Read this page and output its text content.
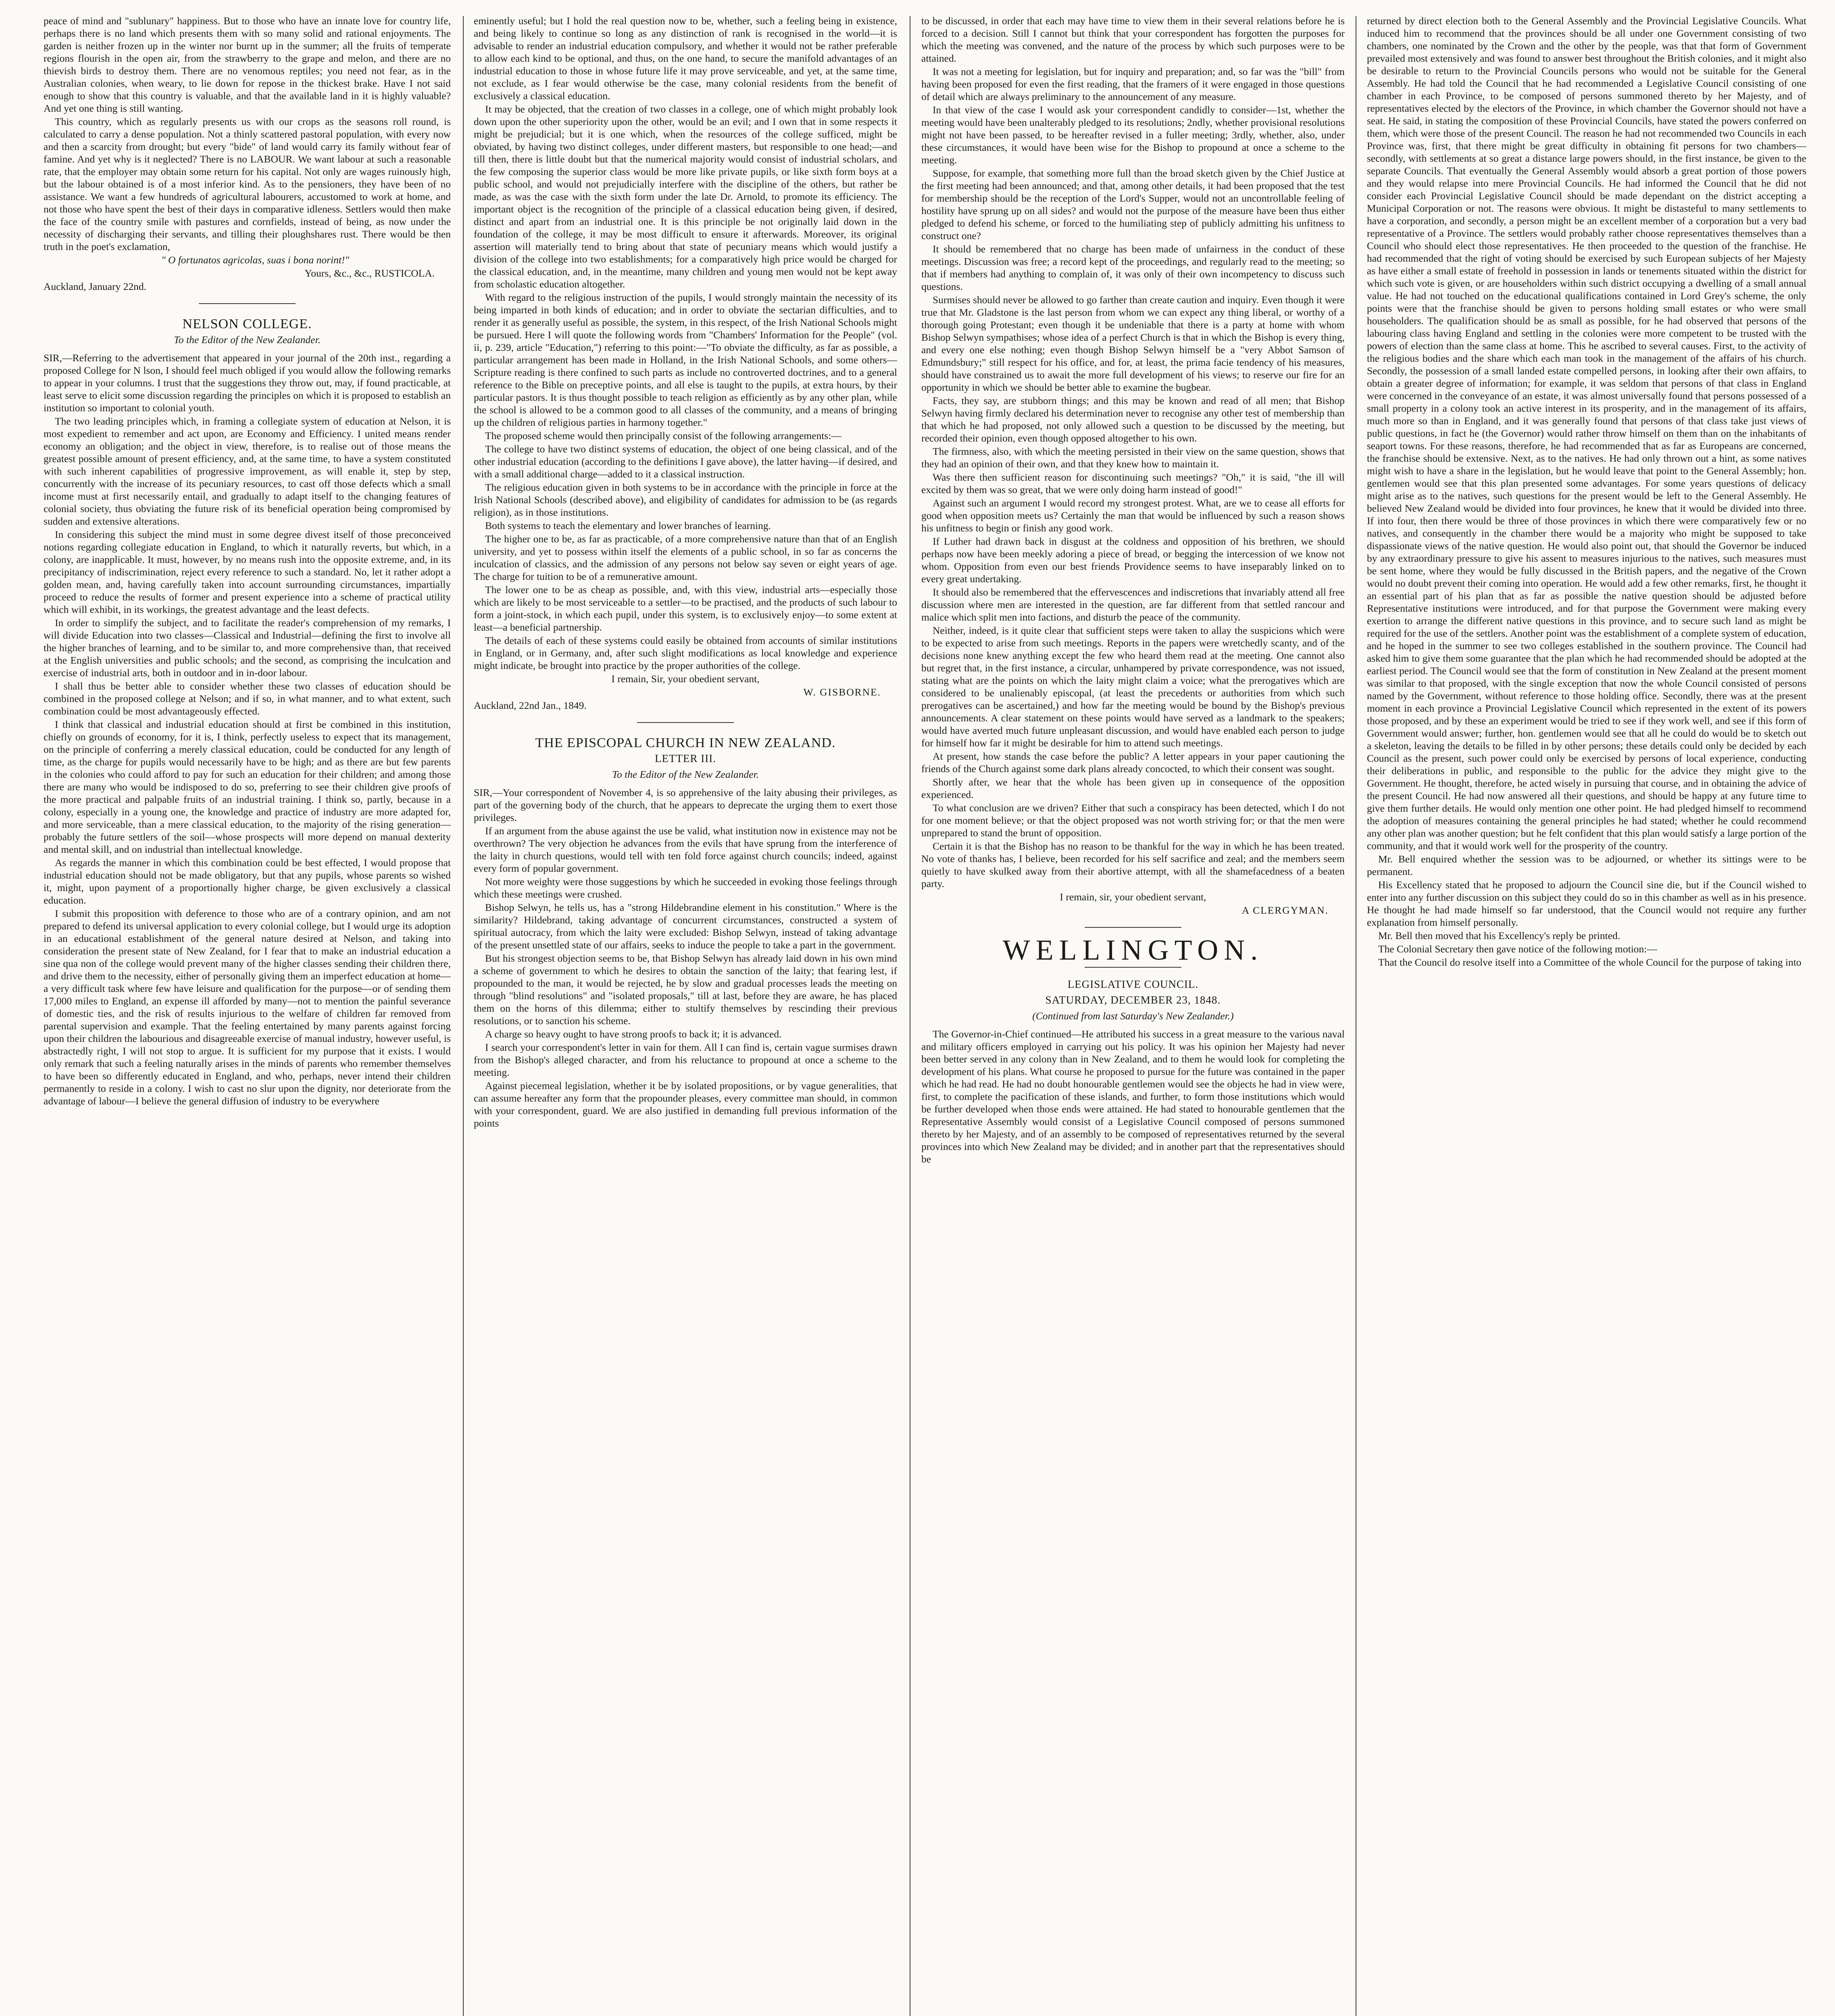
peace of mind and "sublunary" happiness. But to those who have an innate love for country life, perhaps there is no land which presents them with so many solid and rational enjoyments. The garden is neither frozen up in the winter nor burnt up in the summer; all the fruits of temperate regions flourish in the open air, from the strawberry to the grape and melon, and there are no thievish birds to destroy them. There are no venomous reptiles; you need not fear, as in the Australian colonies, when weary, to lie down for repose in the thickest brake. Have I not said enough to show that this country is valuable, and that the available land in it is highly valuable? And yet one thing is still wanting.

This country, which as regularly presents us with our crops as the seasons roll round, is calculated to carry a dense population. Not a thinly scattered pastoral population, with every now and then a scarcity from drought; but every "bide" of land would carry its family without fear of famine. And yet why is it neglected? There is no LABOUR. We want labour at such a reasonable rate, that the employer may obtain some return for his capital. Not only are wages ruinously high, but the labour obtained is of a most inferior kind. As to the pensioners, they have been of no assistance. We want a few hundreds of agricultural labourers, accustomed to work at home, and not those who have spent the best of their days in comparative idleness. Settlers would then make the face of the country smile with pastures and cornfields, instead of being, as now under the necessity of discharging their servants, and tilling their ploughshares rust. There would be then truth in the poet's exclamation,

" O fortunatos agricolas, suas i bona norint!"

Yours, &c., &c., RUSTICOLA.

Auckland, January 22nd.

NELSON COLLEGE.
To the Editor of the New Zealander.

SIR,—Referring to the advertisement that appeared in your journal of the 20th inst., regarding a proposed College for N lson, I should feel much obliged if you would allow the following remarks to appear in your columns. I trust that the suggestions they throw out, may, if found practicable, at least serve to elicit some discussion regarding the principles on which it is proposed to establish an institution so important to colonial youth.

The two leading principles which, in framing a collegiate system of education at Nelson, it is most expedient to remember and act upon, are Economy and Efficiency. I united means render economy an obligation; and the object in view, therefore, is to realise out of those means the greatest possible amount of present efficiency, and, at the same time, to have a system constituted with such inherent capabilities of progressive improvement, as will enable it, step by step, concurrently with the increase of its pecuniary resources, to cast off those defects which a small income must at first necessarily entail, and gradually to adapt itself to the changing features of colonial society, thus obviating the future risk of its beneficial operation being compromised by sudden and extensive alterations.

In considering this subject the mind must in some degree divest itself of those preconceived notions regarding collegiate education in England, to which it naturally reverts, but which, in a colony, are inapplicable. It must, however, by no means rush into the opposite extreme, and, in its precipitancy of indiscrimination, reject every reference to such a standard. No, let it rather adopt a golden mean, and, having carefully taken into account surrounding circumstances, impartially proceed to reduce the results of former and present experience into a scheme of practical utility which will exhibit, in its workings, the greatest advantage and the least defects.

In order to simplify the subject, and to facilitate the reader's comprehension of my remarks, I will divide Education into two classes—Classical and Industrial—defining the first to involve all the higher branches of learning, and to be similar to, and more comprehensive than, that received at the English universities and public schools; and the second, as comprising the inculcation and exercise of industrial arts, both in outdoor and in in-door labour.

I shall thus be better able to consider whether these two classes of education should be combined in the proposed college at Nelson; and if so, in what manner, and to what extent, such combination could be most advantageously effected.

I think that classical and industrial education should at first be combined in this institution, chiefly on grounds of economy, for it is, I think, perfectly useless to expect that its management, on the principle of conferring a merely classical education, could be conducted for any length of time, as the charge for pupils would necessarily have to be high; and as there are but few parents in the colonies who could afford to pay for such an education for their children; and among those there are many who would be indisposed to do so, preferring to see their children give proofs of the more practical and palpable fruits of an industrial training. I think so, partly, because in a colony, especially in a young one, the knowledge and practice of industry are more adapted for, and more serviceable, than a mere classical education, to the majority of the rising generation—probably the future settlers of the soil—whose prospects will more depend on manual dexterity and mental skill, and on industrial than intellectual knowledge.

As regards the manner in which this combination could be best effected, I would propose that industrial education should not be made obligatory, but that any pupils, whose parents so wished it, might, upon payment of a proportionally higher charge, be given exclusively a classical education.

I submit this proposition with deference to those who are of a contrary opinion, and am not prepared to defend its universal application to every colonial college, but I would urge its adoption in an educational establishment of the general nature desired at Nelson, and taking into consideration the present state of New Zealand, for I fear that to make an industrial education a sine qua non of the college would prevent many of the higher classes sending their children there, and drive them to the necessity, either of personally giving them an imperfect education at home—a very difficult task where few have leisure and qualification for the purpose—or of sending them 17,000 miles to England, an expense ill afforded by many—not to mention the painful severance of domestic ties, and the risk of results injurious to the welfare of children far removed from parental supervision and example. That the feeling entertained by many parents against forcing upon their children the labourious and disagreeable exercise of manual industry, however useful, is abstractedly right, I will not stop to argue. It is sufficient for my purpose that it exists. I would only remark that such a feeling naturally arises in the minds of parents who remember themselves to have been so differently educated in England, and who, perhaps, never intend their children permanently to reside in a colony. I wish to cast no slur upon the dignity, nor deteriorate from the advantage of labour—I believe the general diffusion of industry to be everywhere

eminently useful; but I hold the real question now to be, whether, such a feeling being in existence, and being likely to continue so long as any distinction of rank is recognised in the world—it is advisable to render an industrial education compulsory, and whether it would not be rather preferable to allow each kind to be optional, and thus, on the one hand, to secure the manifold advantages of an industrial education to those in whose future life it may prove serviceable, and yet, at the same time, not exclude, as I fear would otherwise be the case, many colonial residents from the benefit of exclusively a classical education.

It may be objected, that the creation of two classes in a college, one of which might probably look down upon the other superiority upon the other, would be an evil; and I own that in some respects it might be prejudicial; but it is one which, when the resources of the college sufficed, might be obviated, by having two distinct colleges, under different masters, but responsible to one head;—and till then, there is little doubt but that the numerical majority would consist of industrial scholars, and the few composing the superior class would be more like private pupils, or like sixth form boys at a public school, and would not prejudicially interfere with the discipline of the others, but rather be made, as was the case with the sixth form under the late Dr. Arnold, to promote its efficiency. The important object is the recognition of the principle of a classical education being given, if desired, distinct and apart from an industrial one. It is this principle be not originally laid down in the foundation of the college, it may be most difficult to ensure it afterwards. Moreover, its original assertion will materially tend to bring about that state of pecuniary means which would justify a division of the college into two establishments; for a comparatively high price would be charged for the classical education, and, in the meantime, many children and young men would not be kept away from scholastic education altogether.

With regard to the religious instruction of the pupils, I would strongly maintain the necessity of its being imparted in both kinds of education; and in order to obviate the sectarian difficulties, and to render it as generally useful as possible, the system, in this respect, of the Irish National Schools might be pursued. Here I will quote the following words from "Chambers' Information for the People" (vol. ii, p. 239, article "Education,") referring to this point:—"To obviate the difficulty, as far as possible, a particular arrangement has been made in Holland, in the Irish National Schools, and some others—Scripture reading is there confined to such parts as include no controverted doctrines, and to a general reference to the Bible on preceptive points, and all else is taught to the pupils, at extra hours, by their particular pastors. It is thus thought possible to teach religion as efficiently as by any other plan, while the school is allowed to be a common good to all classes of the community, and a means of bringing up the children of religious parties in harmony together."

The proposed scheme would then principally consist of the following arrangements:—

The college to have two distinct systems of education, the object of one being classical, and of the other industrial education (according to the definitions I gave above), the latter having—if desired, and with a small additional charge—added to it a classical instruction.

The religious education given in both systems to be in accordance with the principle in force at the Irish National Schools (described above), and eligibility of candidates for admission to be (as regards religion), as in those institutions.

Both systems to teach the elementary and lower branches of learning.

The higher one to be, as far as practicable, of a more comprehensive nature than that of an English university, and yet to possess within itself the elements of a public school, in so far as concerns the inculcation of classics, and the admission of any persons not below say seven or eight years of age. The charge for tuition to be of a remunerative amount.

The lower one to be as cheap as possible, and, with this view, industrial arts—especially those which are likely to be most serviceable to a settler—to be practised, and the products of such labour to form a joint-stock, in which each pupil, under this system, is to exclusively enjoy—to some extent at least—a beneficial partnership.

The details of each of these systems could easily be obtained from accounts of similar institutions in England, or in Germany, and, after such slight modifications as local knowledge and experience might indicate, be brought into practice by the proper authorities of the college.

I remain, Sir, your obedient servant,

W. GISBORNE.

Auckland, 22nd Jan., 1849.

THE EPISCOPAL CHURCH IN NEW ZEALAND.
LETTER III.
To the Editor of the New Zealander.

SIR,—Your correspondent of November 4, is so apprehensive of the laity abusing their privileges, as part of the governing body of the church, that he appears to deprecate the urging them to exert those privileges.

If an argument from the abuse against the use be valid, what institution now in existence may not be overthrown? The very objection he advances from the evils that have sprung from the interference of the laity in church questions, would tell with ten fold force against church councils; indeed, against every form of popular government.

Not more weighty were those suggestions by which he succeeded in evoking those feelings through which these meetings were crushed.

Bishop Selwyn, he tells us, has a "strong Hildebrandine element in his constitution." Where is the similarity? Hildebrand, taking advantage of concurrent circumstances, constructed a system of spiritual autocracy, from which the laity were excluded: Bishop Selwyn, instead of taking advantage of the present unsettled state of our affairs, seeks to induce the people to take a part in the government.

But his strongest objection seems to be, that Bishop Selwyn has already laid down in his own mind a scheme of government to which he desires to obtain the sanction of the laity; that fearing lest, if propounded to the man, it would be rejected, he by slow and gradual processes leads the meeting on through "blind resolutions" and "isolated proposals," till at last, before they are aware, he has placed them on the horns of this dilemma; either to stultify themselves by rescinding their previous resolutions, or to sanction his scheme.

A charge so heavy ought to have strong proofs to back it; it is advanced.

I search your correspondent's letter in vain for them. All I can find is, certain vague surmises drawn from the Bishop's alleged character, and from his reluctance to propound at once a scheme to the meeting.

Against piecemeal legislation, whether it be by isolated propositions, or by vague generalities, that can assume hereafter any form that the propounder pleases, every committee man should, in common with your correspondent, guard. We are also justified in demanding full previous information of the points

to be discussed, in order that each may have time to view them in their several relations before he is forced to a decision. Still I cannot but think that your correspondent has forgotten the purposes for which the meeting was convened, and the nature of the process by which such purposes were to be attained.

It was not a meeting for legislation, but for inquiry and preparation; and, so far was the "bill" from having been proposed for even the first reading, that the framers of it were engaged in those questions of detail which are always preliminary to the announcement of any measure.

In that view of the case I would ask your correspondent candidly to consider—1st, whether the meeting would have been unalterably pledged to its resolutions; 2ndly, whether provisional resolutions might not have been passed, to be hereafter revised in a fuller meeting; 3rdly, whether, also, under these circumstances, it would have been wise for the Bishop to propound at once a scheme to the meeting.

Suppose, for example, that something more full than the broad sketch given by the Chief Justice at the first meeting had been announced; and that, among other details, it had been proposed that the test for membership should be the reception of the Lord's Supper, would not an uncontrollable feeling of hostility have sprung up on all sides? and would not the purpose of the measure have been thus either pledged to defend his scheme, or forced to the humiliating step of publicly admitting his unfitness to construct one?

It should be remembered that no charge has been made of unfairness in the conduct of these meetings. Discussion was free; a record kept of the proceedings, and regularly read to the meeting; so that if members had anything to complain of, it was only of their own incompetency to discuss such questions.

Surmises should never be allowed to go farther than create caution and inquiry. Even though it were true that Mr. Gladstone is the last person from whom we can expect any thing liberal, or worthy of a thorough going Protestant; even though it be undeniable that there is a party at home with whom Bishop Selwyn sympathises; whose idea of a perfect Church is that in which the Bishop is every thing, and every one else nothing; even though Bishop Selwyn himself be a "very Abbot Samson of Edmundsbury;" still respect for his office, and for, at least, the prima facie tendency of his measures, should have constrained us to await the more full development of his views; to reserve our fire for an opportunity in which we should be better able to examine the bugbear.

Facts, they say, are stubborn things; and this may be known and read of all men; that Bishop Selwyn having firmly declared his determination never to recognise any other test of membership than that which he had proposed, not only allowed such a question to be discussed by the meeting, but recorded their opinion, even though opposed altogether to his own.

The firmness, also, with which the meeting persisted in their view on the same question, shows that they had an opinion of their own, and that they knew how to maintain it.

Was there then sufficient reason for discontinuing such meetings? "Oh," it is said, "the ill will excited by them was so great, that we were only doing harm instead of good!"

Against such an argument I would record my strongest protest. What, are we to cease all efforts for good when opposition meets us? Certainly the man that would be influenced by such a reason shows his unfitness to begin or finish any good work.

If Luther had drawn back in disgust at the coldness and opposition of his brethren, we should perhaps now have been meekly adoring a piece of bread, or begging the intercession of we know not whom. Opposition from even our best friends Providence seems to have inseparably linked on to every great undertaking.

It should also be remembered that the effervescences and indiscretions that invariably attend all free discussion where men are interested in the question, are far different from that settled rancour and malice which split men into factions, and disturb the peace of the community.

Neither, indeed, is it quite clear that sufficient steps were taken to allay the suspicions which were to be expected to arise from such meetings. Reports in the papers were wretchedly scanty, and of the decisions none knew anything except the few who heard them read at the meeting. One cannot also but regret that, in the first instance, a circular, unhampered by private correspondence, was not issued, stating what are the points on which the laity might claim a voice; what the prerogatives which are considered to be unalienably episcopal, (at least the precedents or authorities from which such prerogatives can be ascertained,) and how far the meeting would be bound by the Bishop's previous announcements. A clear statement on these points would have served as a landmark to the speakers; would have averted much future unpleasant discussion, and would have enabled each person to judge for himself how far it might be desirable for him to attend such meetings.

At present, how stands the case before the public? A letter appears in your paper cautioning the friends of the Church against some dark plans already concocted, to which their consent was sought.

Shortly after, we hear that the whole has been given up in consequence of the opposition experienced.

To what conclusion are we driven? Either that such a conspiracy has been detected, which I do not for one moment believe; or that the object proposed was not worth striving for; or that the men were unprepared to stand the brunt of opposition.

Certain it is that the Bishop has no reason to be thankful for the way in which he has been treated. No vote of thanks has, I believe, been recorded for his self sacrifice and zeal; and the members seem quietly to have skulked away from their abortive attempt, with all the shamefacedness of a beaten party.

I remain, sir, your obedient servant,

A CLERGYMAN.

WELLINGTON.
LEGISLATIVE COUNCIL.
SATURDAY, DECEMBER 23, 1848.
(Continued from last Saturday's New Zealander.)

The Governor-in-Chief continued—He attributed his success in a great measure to the various naval and military officers employed in carrying out his policy. It was his opinion her Majesty had never been better served in any colony than in New Zealand, and to them he would look for completing the development of his plans. What course he proposed to pursue for the future was contained in the paper which he had read. He had no doubt honourable gentlemen would see the objects he had in view were, first, to complete the pacification of these islands, and further, to form those institutions which would be further developed when those ends were attained. He had stated to honourable gentlemen that the Representative Assembly would consist of a Legislative Council composed of persons summoned thereto by her Majesty, and of an assembly to be composed of representatives returned by the several provinces into which New Zealand may be divided; and in another part that the representatives should be

returned by direct election both to the General Assembly and the Provincial Legislative Councils. What induced him to recommend that the provinces should be all under one Government consisting of two chambers, one nominated by the Crown and the other by the people, was that that form of Government prevailed most extensively and was found to answer best throughout the British colonies, and it might also be desirable to return to the Provincial Councils persons who would not be suitable for the General Assembly. He had told the Council that he had recommended a Legislative Council consisting of one chamber in each Province, to be composed of persons summoned thereto by her Majesty, and of representatives elected by the electors of the Province, in which chamber the Governor should not have a seat. He said, in stating the composition of these Provincial Councils, have stated the powers conferred on them, which were those of the present Council. The reason he had not recommended two Councils in each Province was, first, that there might be great difficulty in obtaining fit persons for two chambers—secondly, with settlements at so great a distance large powers should, in the first instance, be given to the separate Councils. That eventually the General Assembly would absorb a great portion of those powers and they would relapse into mere Provincial Councils. He had informed the Council that he did not consider each Provincial Legislative Council should be made dependant on the district accepting a Municipal Corporation or not. The reasons were obvious. It might be distasteful to many settlements to have a corporation, and secondly, a person might be an excellent member of a corporation but a very bad representative of a Province. The settlers would probably rather choose representatives themselves than a Council who should elect those representatives. He then proceeded to the question of the franchise. He had recommended that the right of voting should be exercised by such European subjects of her Majesty as have either a small estate of freehold in possession in lands or tenements situated within the district for which such vote is given, or are householders within such district occupying a dwelling of a small annual value. He had not touched on the educational qualifications contained in Lord Grey's scheme, the only points were that the franchise should be given to persons holding small estates or who were small householders. The qualification should be as small as possible, for he had observed that persons of the labouring class having England and settling in the colonies were more competent to be trusted with the powers of election than the same class at home. This he ascribed to several causes. First, to the activity of the religious bodies and the share which each man took in the management of the affairs of his church. Secondly, the possession of a small landed estate compelled persons, in looking after their own affairs, to obtain a greater degree of information; for example, it was seldom that persons of that class in England were concerned in the conveyance of an estate, it was almost universally found that persons possessed of a small property in a colony took an active interest in its prosperity, and in the management of its affairs, much more so than in England, and it was generally found that persons of that class take just views of public questions, in fact he (the Governor) would rather throw himself on them than on the inhabitants of seaport towns. For these reasons, therefore, he had recommended that as far as Europeans are concerned, the franchise should be extensive. Next, as to the natives. He had only thrown out a hint, as some natives might wish to have a share in the legislation, but he would leave that point to the General Assembly; hon. gentlemen would see that this plan presented some advantages. For some years questions of delicacy might arise as to the natives, such questions for the present would be left to the General Assembly. He believed New Zealand would be divided into four provinces, he knew that it would be divided into three. If into four, then there would be three of those provinces in which there were comparatively few or no natives, and consequently in the chamber there would be a majority who might be supposed to take dispassionate views of the native question. He would also point out, that should the Governor be induced by any extraordinary pressure to give his assent to measures injurious to the natives, such measures must be sent home, where they would be fully discussed in the British papers, and the negative of the Crown would no doubt prevent their coming into operation. He would add a few other remarks, first, he thought it an essential part of his plan that as far as possible the native question should be adjusted before Representative institutions were introduced, and for that purpose the Government were making every exertion to arrange the different native questions in this province, and to secure such land as might be required for the use of the settlers. Another point was the establishment of a complete system of education, and he hoped in the summer to see two colleges established in the southern province. The Council had asked him to give them some guarantee that the plan which he had recommended should be adopted at the earliest period. The Council would see that the form of constitution in New Zealand at the present moment was similar to that proposed, with the single exception that now the whole Council consisted of persons named by the Government, without reference to those holding office. Secondly, there was at the present moment in each province a Provincial Legislative Council which represented in the extent of its powers those proposed, and by these an experiment would be tried to see if they work well, and see if this form of Government would answer; further, hon. gentlemen would see that all he could do would be to sketch out a skeleton, leaving the details to be filled in by other persons; these details could only be decided by each Council as the present, such power could only be exercised by persons of local experience, conducting their deliberations in public, and responsible to the public for the advice they might give to the Government. He thought, therefore, he acted wisely in pursuing that course, and in obtaining the advice of the present Council. He had now answered all their questions, and should be happy at any future time to give them further details. He would only mention one other point. He had pledged himself to recommend the adoption of measures containing the general principles he had stated; whether he could recommend any other plan was another question; but he felt confident that this plan would satisfy a large portion of the community, and that it would work well for the prosperity of the country.

Mr. Bell enquired whether the session was to be adjourned, or whether its sittings were to be permanent.

His Excellency stated that he proposed to adjourn the Council sine die, but if the Council wished to enter into any further discussion on this subject they could do so in this chamber as well as in his presence. He thought he had made himself so far understood, that the Council would not require any further explanation from himself personally.

Mr. Bell then moved that his Excellency's reply be printed.

The Colonial Secretary then gave notice of the following motion:—

That the Council do resolve itself into a Committee of the whole Council for the purpose of taking into
